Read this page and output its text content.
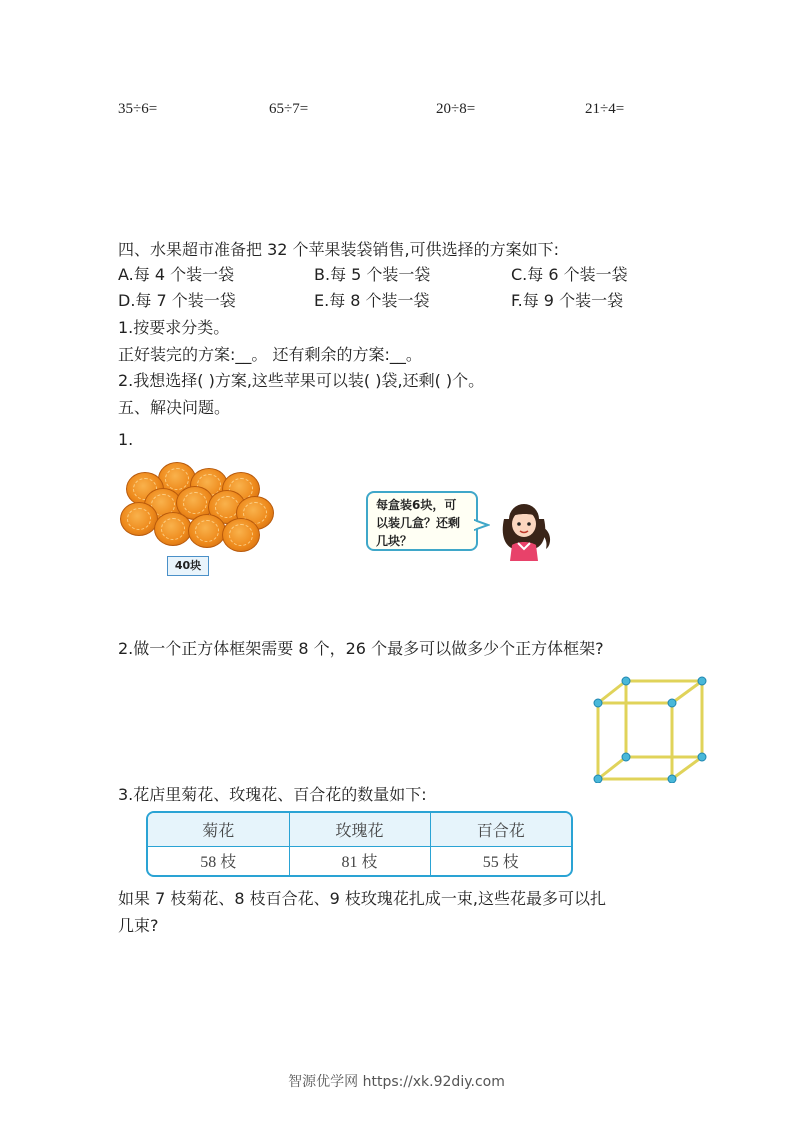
35÷6=	65÷7=	20÷8=	21÷4=
四、水果超市准备把 32 个苹果装袋销售,可供选择的方案如下:
A.每 4 个装一袋	B.每 5 个装一袋	C.每 6 个装一袋
D.每 7 个装一袋	E.每 8 个装一袋	F.每 9 个装一袋
1.按要求分类。
正好装完的方案:__。 还有剩余的方案:__。
2.我想选择( )方案,这些苹果可以装( )袋,还剩( )个。
五、解决问题。
1.
40块
每盒装6块，可以装几盒？还剩几块？
2.做一个正方体框架需要 8 个，26 个最多可以做多少个正方体框架?
3.花店里菊花、玫瑰花、百合花的数量如下:
菊花	玫瑰花	百合花
58 枝	81 枝	55 枝
如果 7 枝菊花、8 枝百合花、9 枝玫瑰花扎成一束,这些花最多可以扎
几束?
智源优学网 https://xk.92diy.com
